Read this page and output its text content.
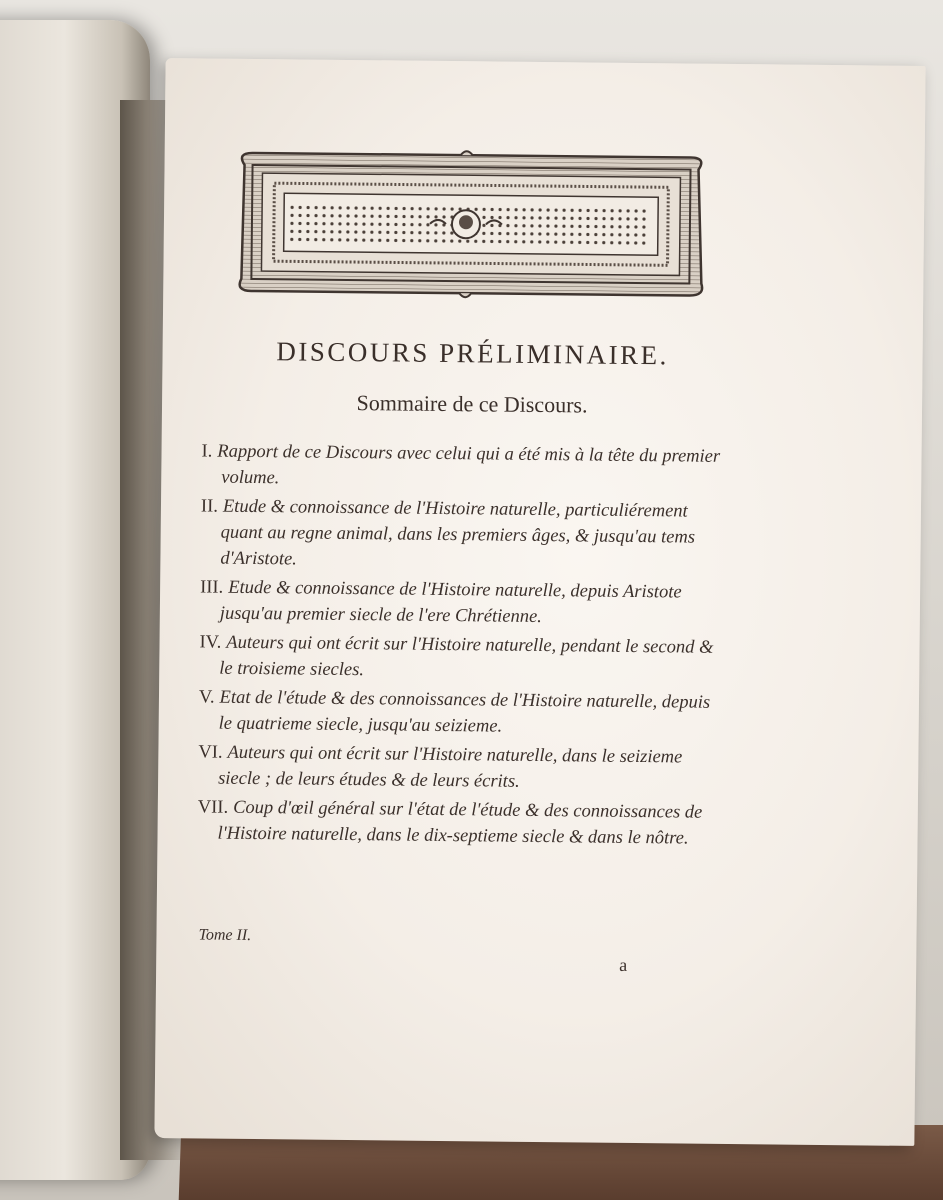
DISCOURS PRÉLIMINAIRE.
Sommaire de ce Discours.

I. Rapport de ce Discours avec celui qui a été mis à la tête du premier volume.

II. Etude & connoissance de l'Histoire naturelle, particuliérement quant au regne animal, dans les premiers âges, & jusqu'au tems d'Aristote.

III. Etude & connoissance de l'Histoire naturelle, depuis Aristote jusqu'au premier siecle de l'ere Chrétienne.

IV. Auteurs qui ont écrit sur l'Histoire naturelle, pendant le second & le troisieme siecles.

V. Etat de l'étude & des connoissances de l'Histoire naturelle, depuis le quatrieme siecle, jusqu'au seizieme.

VI. Auteurs qui ont écrit sur l'Histoire naturelle, dans le seizieme siecle ; de leurs études & de leurs écrits.

VII. Coup d'œil général sur l'état de l'étude & des connoissances de l'Histoire naturelle, dans le dix-septieme siecle & dans le nôtre.

Tome II.
a
